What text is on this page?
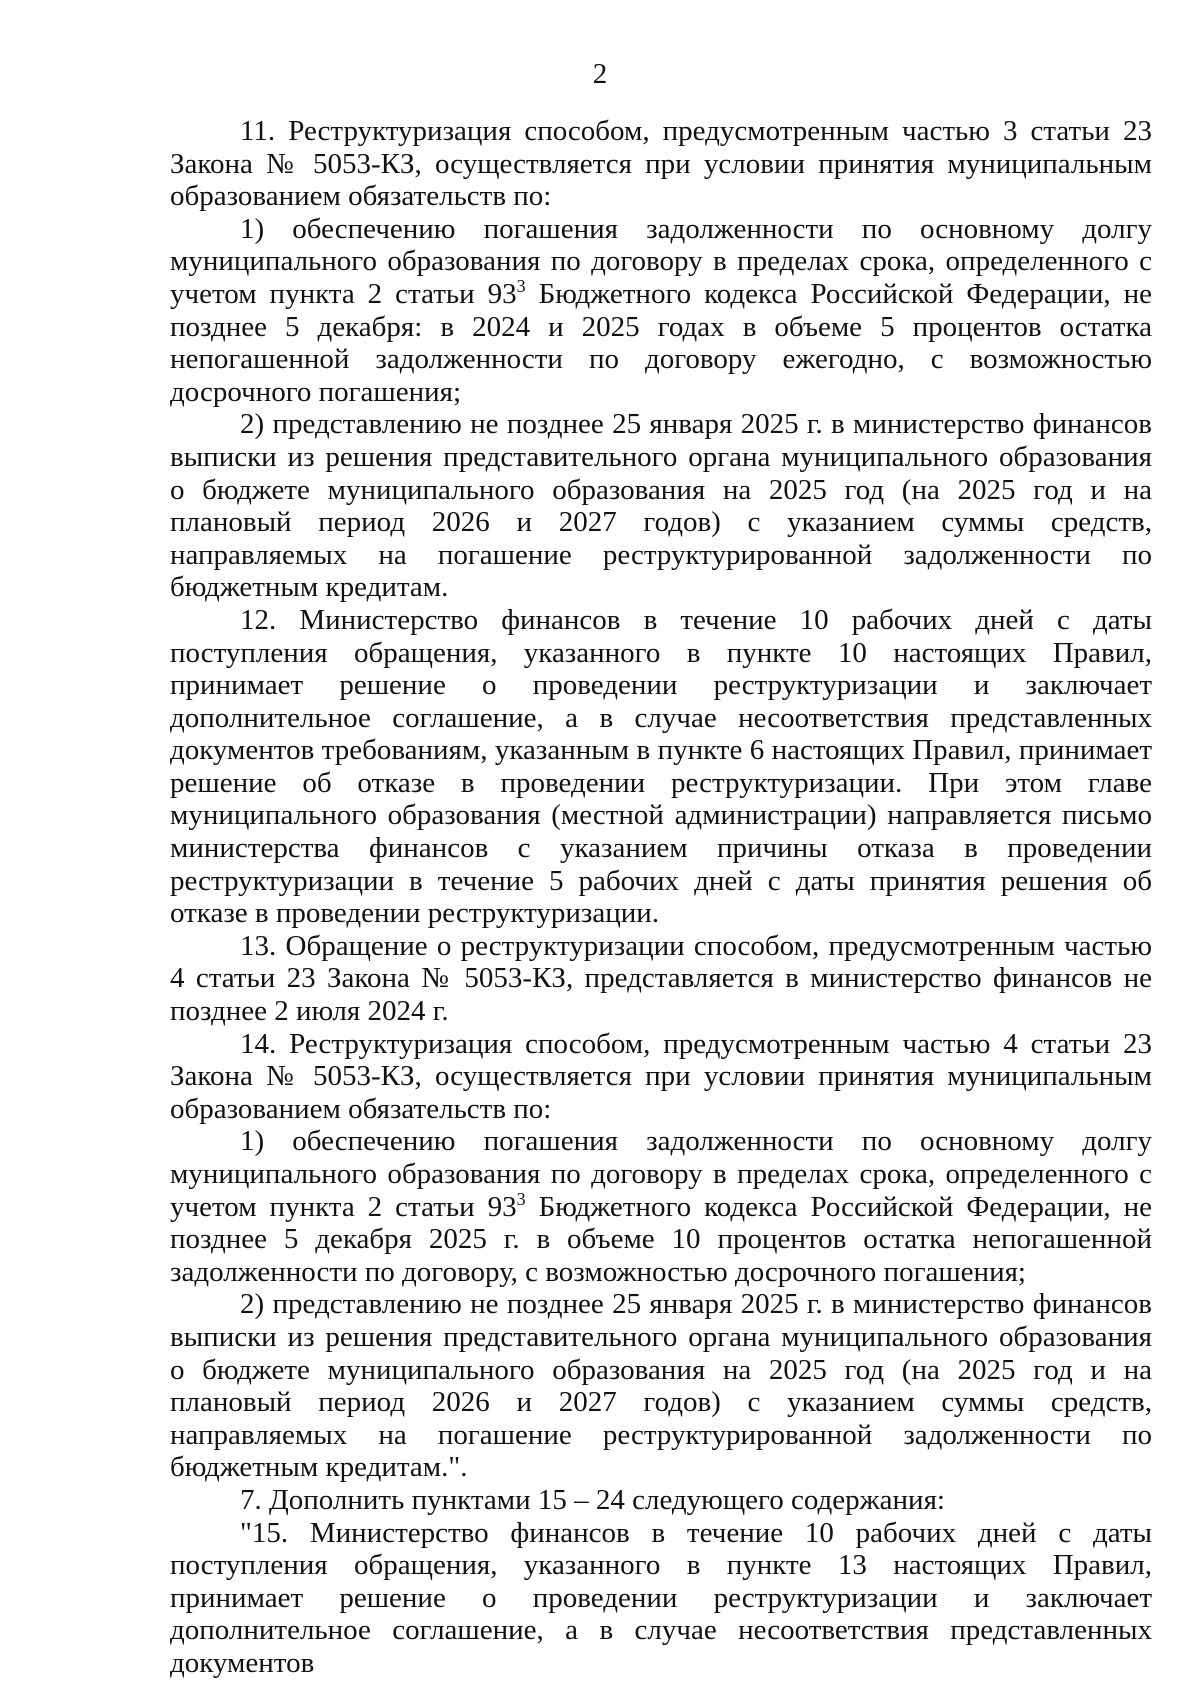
2

11. Реструктуризация способом, предусмотренным частью 3 статьи 23 Закона № 5053-КЗ, осуществляется при условии принятия муниципальным образованием обязательств по:

1) обеспечению погашения задолженности по основному долгу муниципального образования по договору в пределах срока, определенного с учетом пункта 2 статьи $93^3$ Бюджетного кодекса Российской Федерации, не позднее 5 декабря: в 2024 и 2025 годах в объеме 5 процентов остатка непогашенной задолженности по договору ежегодно, с возможностью досрочного погашения;

2) представлению не позднее 25 января 2025 г. в министерство финансов выписки из решения представительного органа муниципального образования о бюджете муниципального образования на 2025 год (на 2025 год и на плановый период 2026 и 2027 годов) с указанием суммы средств, направляемых на погашение реструктурированной задолженности по бюджетным кредитам.

12. Министерство финансов в течение 10 рабочих дней с даты поступления обращения, указанного в пункте 10 настоящих Правил, принимает решение о проведении реструктуризации и заключает дополнительное соглашение, а в случае несоответствия представленных документов требованиям, указанным в пункте 6 настоящих Правил, принимает решение об отказе в проведении реструктуризации. При этом главе муниципального образования (местной администрации) направляется письмо министерства финансов с указанием причины отказа в проведении реструктуризации в течение 5 рабочих дней с даты принятия решения об отказе в проведении реструктуризации.

13. Обращение о реструктуризации способом, предусмотренным частью 4 статьи 23 Закона № 5053-КЗ, представляется в министерство финансов не позднее 2 июля 2024 г.

14. Реструктуризация способом, предусмотренным частью 4 статьи 23 Закона № 5053-КЗ, осуществляется при условии принятия муниципальным образованием обязательств по:

1) обеспечению погашения задолженности по основному долгу муниципального образования по договору в пределах срока, определенного с учетом пункта 2 статьи $93^3$ Бюджетного кодекса Российской Федерации, не позднее 5 декабря 2025 г. в объеме 10 процентов остатка непогашенной задолженности по договору, с возможностью досрочного погашения;

2) представлению не позднее 25 января 2025 г. в министерство финансов выписки из решения представительного органа муниципального образования о бюджете муниципального образования на 2025 год (на 2025 год и на плановый период 2026 и 2027 годов) с указанием суммы средств, направляемых на погашение реструктурированной задолженности по бюджетным кредитам.".

7. Дополнить пунктами 15 – 24 следующего содержания:

"15. Министерство финансов в течение 10 рабочих дней с даты поступления обращения, указанного в пункте 13 настоящих Правил, принимает решение о проведении реструктуризации и заключает дополнительное соглашение, а в случае несоответствия представленных документов
